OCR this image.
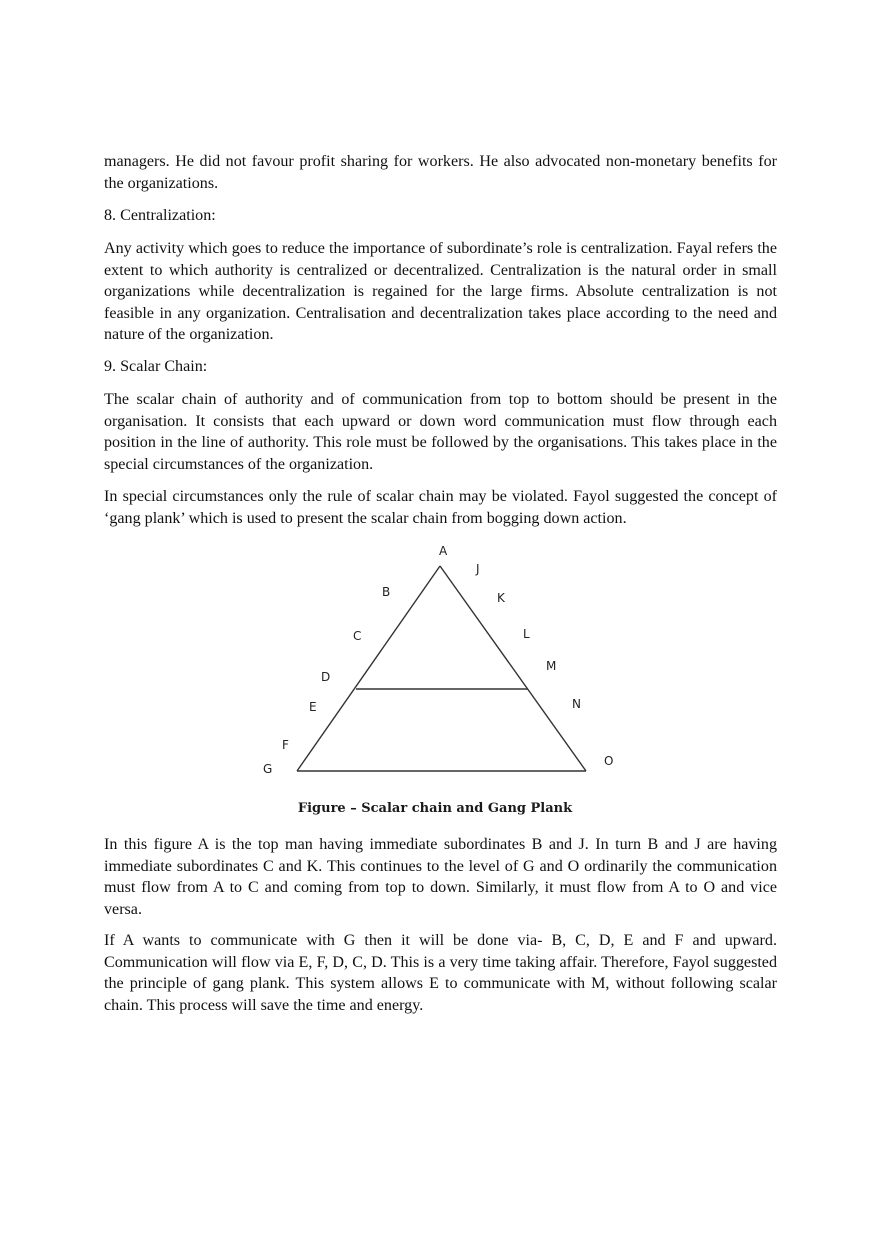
managers. He did not favour profit sharing for workers. He also advocated non-monetary benefits for the organizations.

8. Centralization:

Any activity which goes to reduce the importance of subordinate’s role is centralization. Fayal refers the extent to which authority is centralized or decentralized. Centralization is the natural order in small organizations while decentralization is regained for the large firms. Absolute centralization is not feasible in any organization. Centralisation and decentralization takes place according to the need and nature of the organization.

9. Scalar Chain:

The scalar chain of authority and of communication from top to bottom should be present in the organisation. It consists that each upward or down word communication must flow through each position in the line of authority. This role must be followed by the organisations. This takes place in the special circumstances of the organization.

In special circumstances only the rule of scalar chain may be violated. Fayol suggested the concept of ‘gang plank’ which is used to present the scalar chain from bogging down action.

A
B
C
D
E
F
G
J
K
L
M
N
O
Figure – Scalar chain and Gang Plank

In this figure A is the top man having immediate subordinates B and J. In turn B and J are having immediate subordinates C and K. This continues to the level of G and O ordinarily the communication must flow from A to C and coming from top to down. Similarly, it must flow from A to O and vice versa.

If A wants to communicate with G then it will be done via- B, C, D, E and F and upward. Communication will flow via E, F, D, C, D. This is a very time taking affair. Therefore, Fayol suggested the principle of gang plank. This system allows E to communicate with M, without following scalar chain. This process will save the time and energy.
